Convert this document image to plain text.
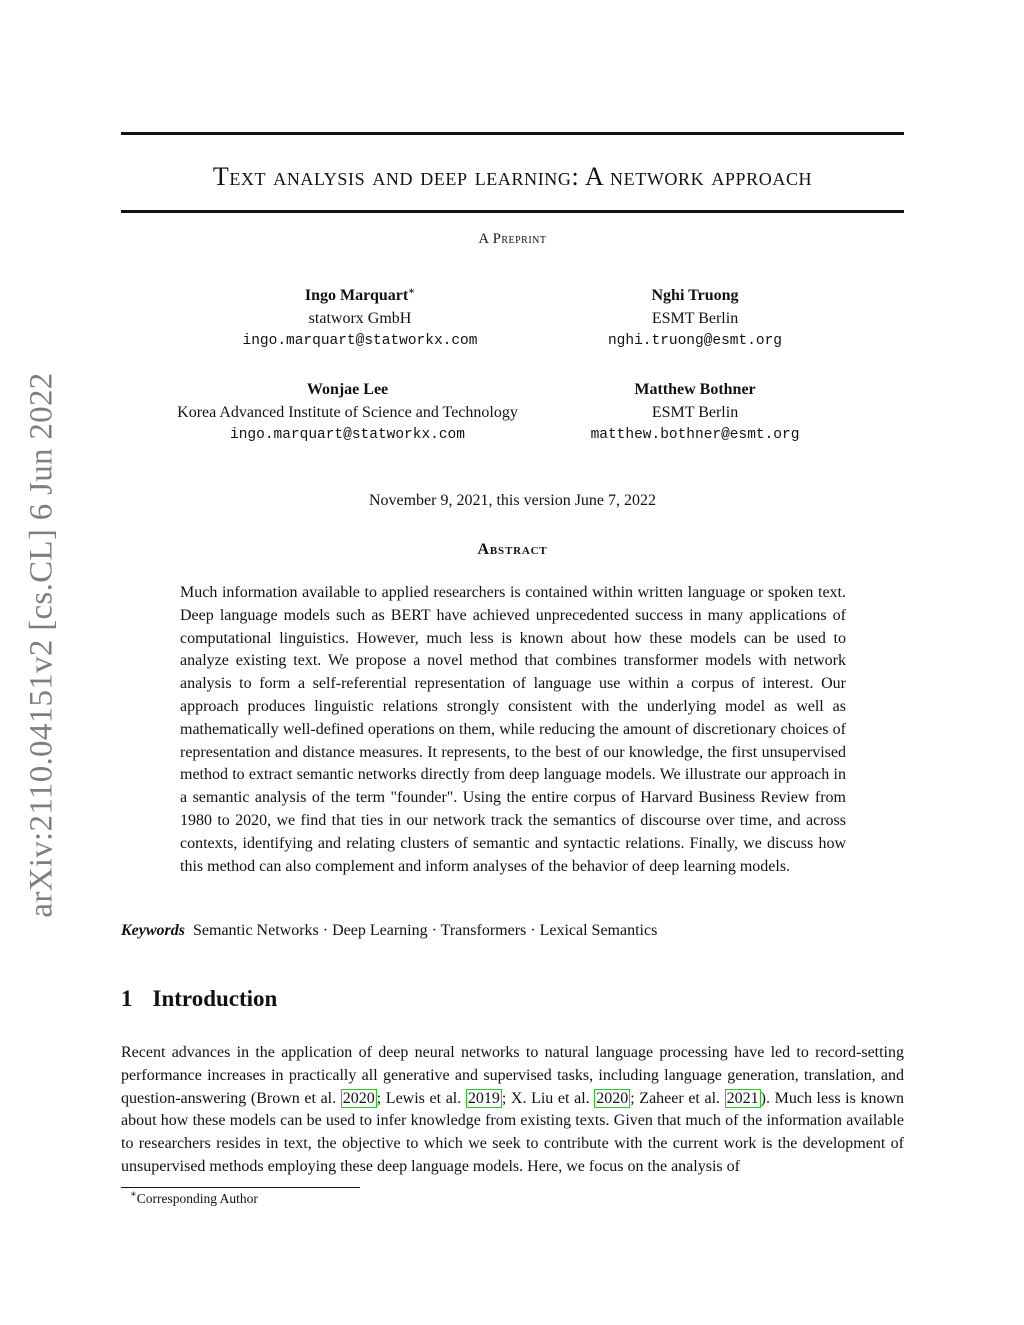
arXiv:2110.04151v2 [cs.CL] 6 Jun 2022
Text analysis and deep learning: A network approach
A Preprint
Ingo Marquart∗
statworx GmbH
ingo.marquart@statworkx.com
Nghi Truong
ESMT Berlin
nghi.truong@esmt.org
Wonjae Lee
Korea Advanced Institute of Science and Technology
ingo.marquart@statworkx.com
Matthew Bothner
ESMT Berlin
matthew.bothner@esmt.org
November 9, 2021, this version June 7, 2022
Abstract
Much information available to applied researchers is contained within written language or spoken text. Deep language models such as BERT have achieved unprecedented success in many applications of computational linguistics. However, much less is known about how these models can be used to analyze existing text. We propose a novel method that combines transformer models with network analysis to form a self-referential representation of language use within a corpus of interest. Our approach produces linguistic relations strongly consistent with the underlying model as well as mathematically well-defined operations on them, while reducing the amount of discretionary choices of representation and distance measures. It represents, to the best of our knowledge, the first unsupervised method to extract semantic networks directly from deep language models. We illustrate our approach in a semantic analysis of the term "founder". Using the entire corpus of Harvard Business Review from 1980 to 2020, we find that ties in our network track the semantics of discourse over time, and across contexts, identifying and relating clusters of semantic and syntactic relations. Finally, we discuss how this method can also complement and inform analyses of the behavior of deep learning models.
Keywords Semantic Networks · Deep Learning · Transformers · Lexical Semantics
1 Introduction
Recent advances in the application of deep neural networks to natural language processing have led to record-setting performance increases in practically all generative and supervised tasks, including language generation, translation, and question-answering (Brown et al. 2020 ; Lewis et al. 2019 ; X. Liu et al. 2020 ; Zaheer et al. 2021 ). Much less is known about how these models can be used to infer knowledge from existing texts. Given that much of the information available to researchers resides in text, the objective to which we seek to contribute with the current work is the development of unsupervised methods employing these deep language models. Here, we focus on the analysis of
∗Corresponding Author
